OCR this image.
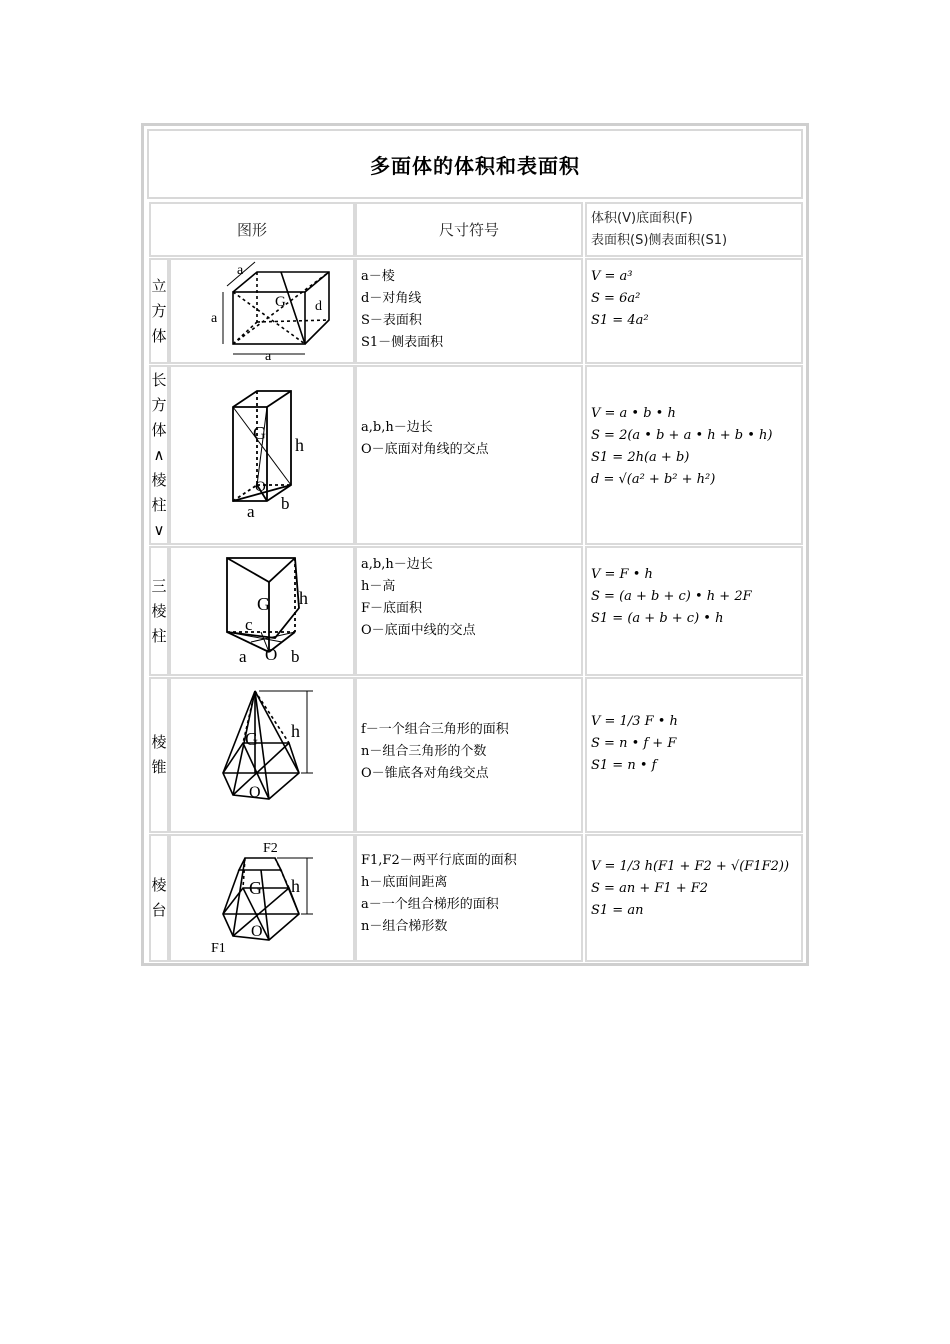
多面体的体积和表面积
图形	尺寸符号
体积(V)底面积(F)
表面积(S)侧表面积(S1)
立
方
体
a
a
a
G d
a－棱
d－对角线
S－表面积
S1－侧表面积
V = a³
S = 6a²
S1 = 4a²
长
方
体
∧
棱
柱
∨
G
h
O
a b
a,b,h－边长
O－底面对角线的交点
V = a • b • h
S = 2(a • b + a • h + b • h)
S1 = 2h(a + b)
d = √(a² + b² + h²)
三
棱
柱
G h
c
a O b
a,b,h－边长
h－高
F－底面积
O－底面中线的交点
V = F • h
S = (a + b + c) • h + 2F
S1 = (a + b + c) • h
棱
锥
G h
O
f－一个组合三角形的面积
n－组合三角形的个数
O－锥底各对角线交点
V = 1/3 F • h
S = n • f + F
S1 = n • f
棱
台
F2
G h
O
F1
F1,F2－两平行底面的面积
h－底面间距离
a－一个组合梯形的面积
n－组合梯形数
V = 1/3 h(F1 + F2 + √(F1F2))
S = an + F1 + F2
S1 = an
